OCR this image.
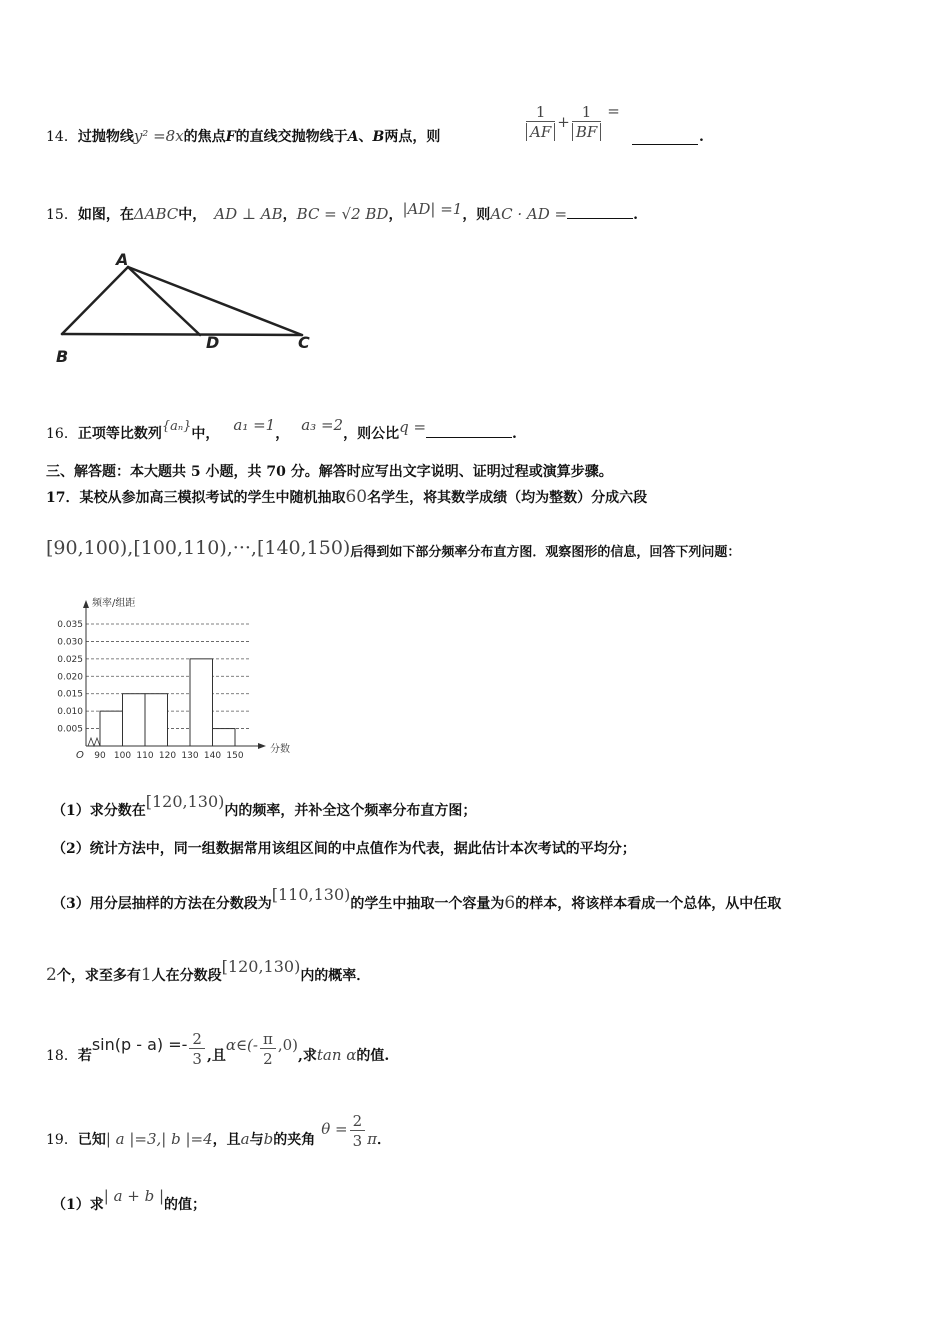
14．过抛物线y² =8x的焦点F的直线交抛物线于A、B两点，则	$\frac{1}{AF} + \frac{1}{BF}$ =
.
15．如图，在ΔABC中， AD ⊥ AB，BC = √2 BD，|AD| =1，则AC · AD =	.
A
B
D	C
16．正项等比数列{aₙ}中， a₁ =1， a₃ =2，则公比q =	.
三、解答题：本大题共 5 小题，共 70 分。解答时应写出文字说明、证明过程或演算步骤。
17．某校从参加高三模拟考试的学生中随机抽取60名学生，将其数学成绩（均为整数）分成六段
[90,100),[100,110),···,[140,150)后得到如下部分频率分布直方图．观察图形的信息，回答下列问题：
0.005
0.010
0.015
0.020
0.025
0.030
0.035
90 100 110 120 130 140 150
O
频率/组距
分数
（1）求分数在[120,130)内的频率，并补全这个频率分布直方图；
（2）统计方法中，同一组数据常用该组区间的中点值作为代表，据此估计本次考试的平均分；
（3）用分层抽样的方法在分数段为[110,130)的学生中抽取一个容量为6的样本，将该样本看成一个总体，从中任取
2个，求至多有1人在分数段[120,130)内的概率．
18．若$\sin(p - a) =- \frac{2}{3}$ ,且α∈(- $\frac{\pi}{2} ,0$),求tan α的值.
19．已知| a |=3,| b |=4，且a与b的夹角$\theta = \frac{2}{3}$ π．
（1）求| a + b |的值；
